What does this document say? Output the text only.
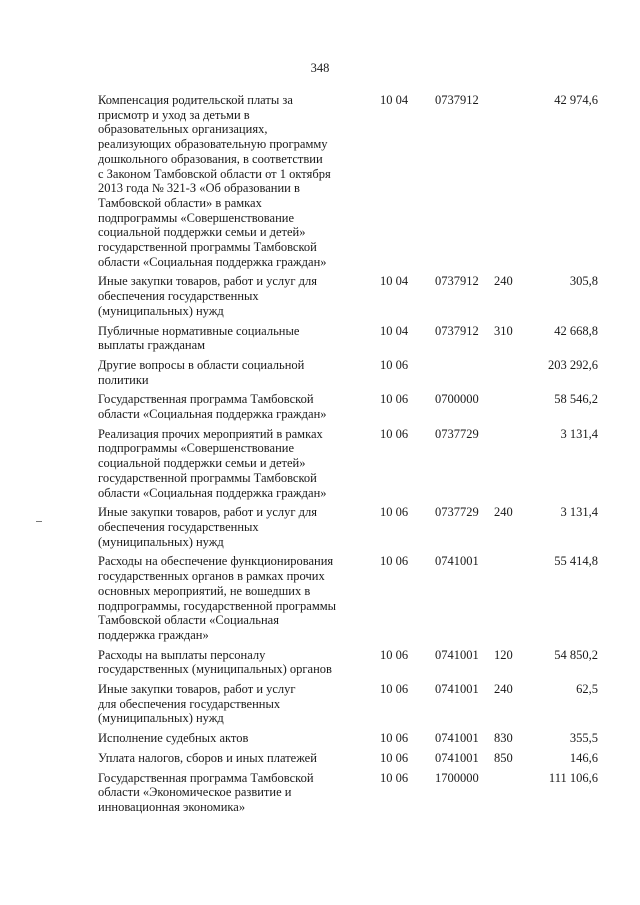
348
Компенсация родительской платы за
присмотр и уход за детьми в
образовательных организациях,
реализующих образовательную программу
дошкольного образования, в соответствии
с Законом Тамбовской области от 1 октября
2013 года № 321-З «Об образовании в
Тамбовской области» в рамках
подпрограммы «Совершенствование
социальной поддержки семьи и детей»
государственной программы Тамбовской
области «Социальная поддержка граждан»
10 04 0737912	42 974,6
Иные закупки товаров, работ и услуг для
обеспечения государственных
(муниципальных) нужд
10 04 0737912 240	305,8
Публичные нормативные социальные
выплаты гражданам
10 04 0737912 310	42 668,8
Другие вопросы в области социальной
политики
10 06	203 292,6
Государственная программа Тамбовской
области «Социальная поддержка граждан»
10 06 0700000	58 546,2
Реализация прочих мероприятий в рамках
подпрограммы «Совершенствование
социальной поддержки семьи и детей»
государственной программы Тамбовской
области «Социальная поддержка граждан»
10 06 0737729	3 131,4
Иные закупки товаров, работ и услуг для
обеспечения государственных
(муниципальных) нужд
10 06 0737729 240	3 131,4
Расходы на обеспечение функционирования
государственных органов в рамках прочих
основных мероприятий, не вошедших в
подпрограммы, государственной программы
Тамбовской области «Социальная
поддержка граждан»
10 06 0741001	55 414,8
Расходы на выплаты персоналу
государственных (муниципальных) органов
10 06 0741001 120	54 850,2
Иные закупки товаров, работ и услуг
для обеспечения государственных
(муниципальных) нужд
10 06 0741001 240	62,5
Исполнение судебных актов	10 06 0741001 830	355,5
Уплата налогов, сборов и иных платежей	10 06 0741001 850	146,6
Государственная программа Тамбовской
области «Экономическое развитие и
инновационная экономика»
10 06 1700000	111 106,6
